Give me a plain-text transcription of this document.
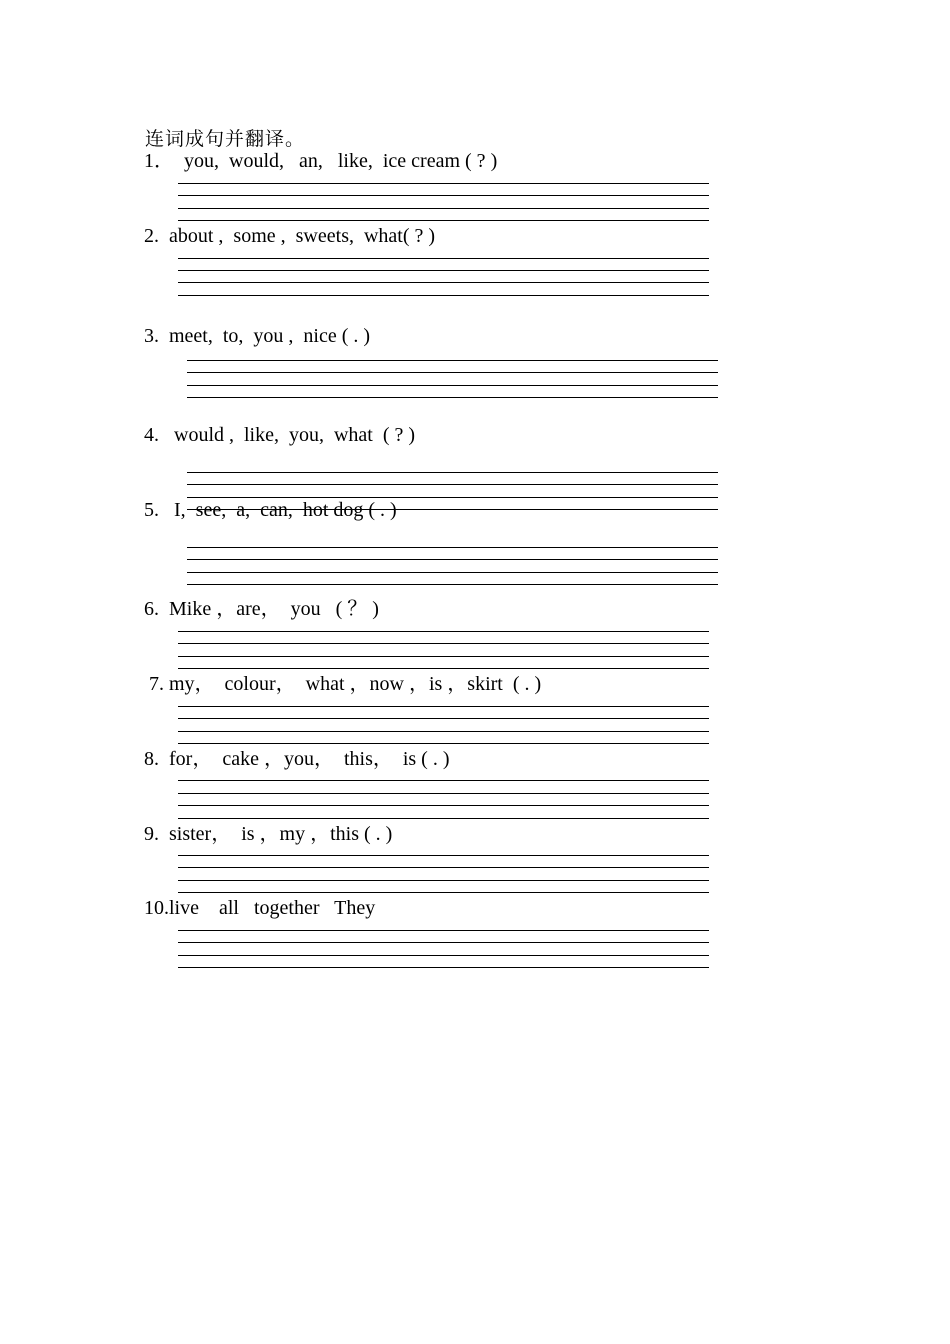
连词成句并翻译。
1．  you,  would,   an,   like,  ice cream ( ? )
2.  about ,  some ,  sweets,  what( ? )
3.  meet,  to,  you ,  nice ( . )
4.   would ,  like,  you,  what  ( ? )
5.   I,  see,  a,  can,  hot dog ( . )
6.  Mike ，are，  you   ( ？ )
7. my，  colour，  what ，now ，is ，skirt  ( . )
8.  for，  cake ，you，  this，  is ( . )
9.  sister，  is ，my ，this ( . )
10.live    all   together   They
